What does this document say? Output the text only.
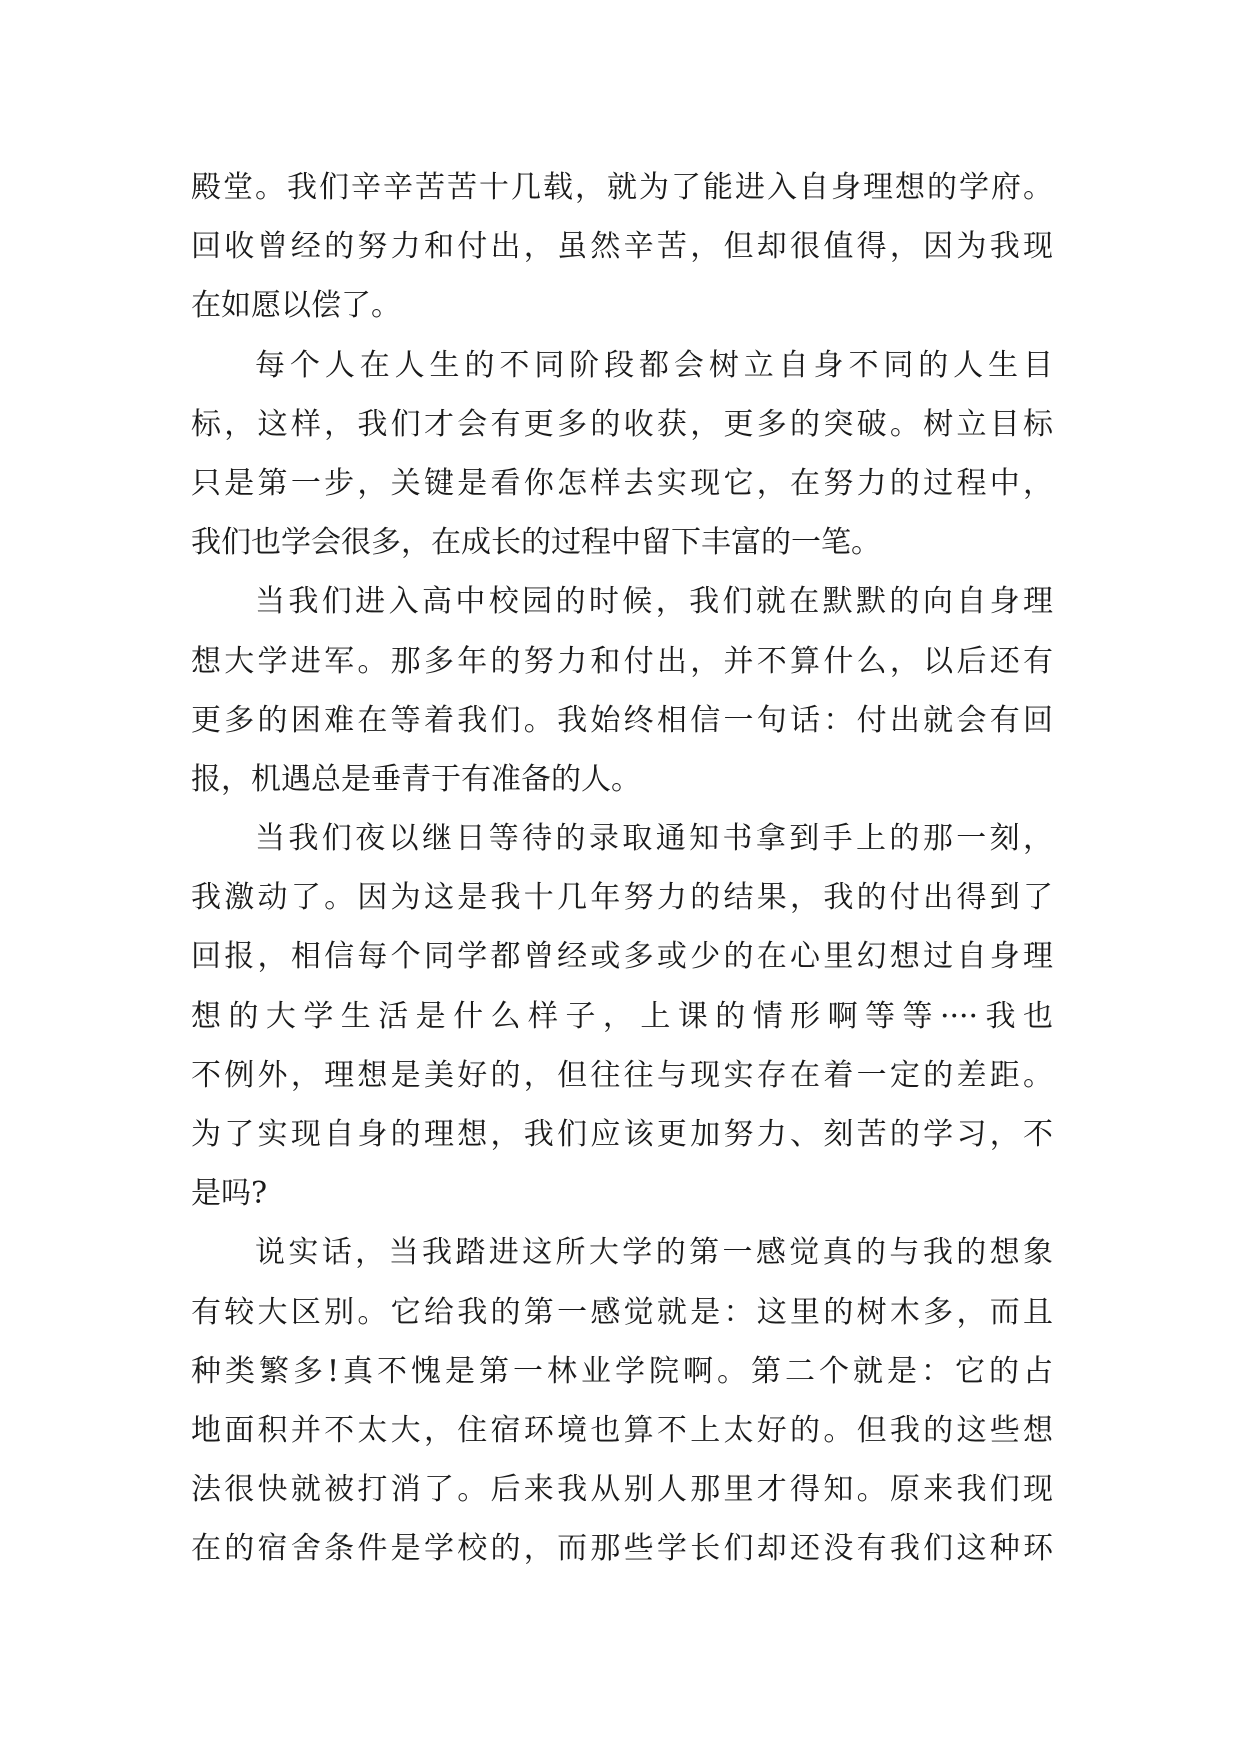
殿堂。我们辛辛苦苦十几载，就为了能进入自身理想的学府。
回收曾经的努力和付出，虽然辛苦，但却很值得，因为我现
在如愿以偿了。
每个人在人生的不同阶段都会树立自身不同的人生目
标，这样，我们才会有更多的收获，更多的突破。树立目标
只是第一步，关键是看你怎样去实现它，在努力的过程中，
我们也学会很多，在成长的过程中留下丰富的一笔。
当我们进入高中校园的时候，我们就在默默的向自身理
想大学进军。那多年的努力和付出，并不算什么，以后还有
更多的困难在等着我们。我始终相信一句话：付出就会有回
报，机遇总是垂青于有准备的人。
当我们夜以继日等待的录取通知书拿到手上的那一刻，
我激动了。因为这是我十几年努力的结果，我的付出得到了
回报，相信每个同学都曾经或多或少的在心里幻想过自身理
想的大学生活是什么样子，上课的情形啊等等····我也
不例外，理想是美好的，但往往与现实存在着一定的差距。
为了实现自身的理想，我们应该更加努力、刻苦的学习，不
是吗?
说实话，当我踏进这所大学的第一感觉真的与我的想象
有较大区别。它给我的第一感觉就是：这里的树木多，而且
种类繁多!真不愧是第一林业学院啊。第二个就是：它的占
地面积并不太大，住宿环境也算不上太好的。但我的这些想
法很快就被打消了。后来我从别人那里才得知。原来我们现
在的宿舍条件是学校的，而那些学长们却还没有我们这种环
